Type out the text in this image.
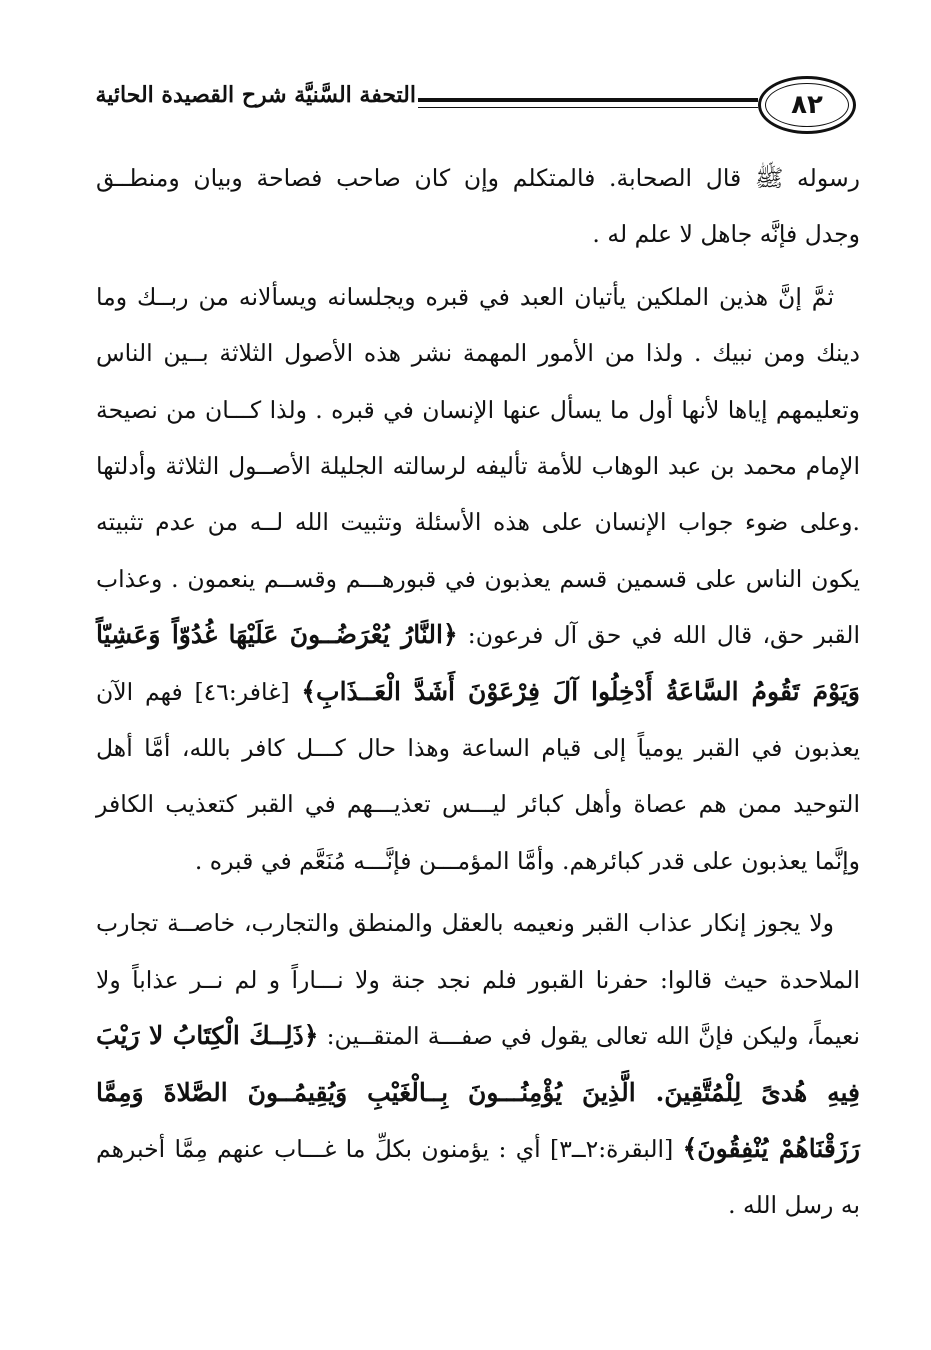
٨٢
التحفة السَّنيَّة شرح القصيدة الحائية

رسوله ﷺ قال الصحابة. فالمتكلم وإن كان صاحب فصاحة وبيان ومنطــق وجدل فإنَّه جاهل لا علم له .

ثمَّ إنَّ هذين الملكين يأتيان العبد في قبره ويجلسانه ويسألانه من ربــك وما دينك ومن نبيك . ولذا من الأمور المهمة نشر هذه الأصول الثلاثة بــين الناس وتعليمهم إياها لأنها أول ما يسأل عنها الإنسان في قبره . ولذا كـــان من نصيحة الإمام محمد بن عبد الوهاب للأمة تأليفه لرسالته الجليلة الأصــول الثلاثة وأدلتها .وعلى ضوء جواب الإنسان على هذه الأسئلة وتثبيت الله لــه من عدم تثبيته يكون الناس على قسمين قسم يعذبون في قبورهـــم وقســم ينعمون . وعذاب القبر حق، قال الله في حق آل فرعون: ﴿النَّارُ يُعْرَضُــونَ عَلَيْهَا غُدُوّاً وَعَشِيّاً وَيَوْمَ تَقُومُ السَّاعَةُ أَدْخِلُوا آلَ فِرْعَوْنَ أَشَدَّ الْعَــذَابِ﴾ [غافر:٤٦] فهم الآن يعذبون في القبر يومياً إلى قيام الساعة وهذا حال كـــل كافر بالله، أمَّا أهل التوحيد ممن هم عصاة وأهل كبائر ليـــس تعذيـــهم في القبر كتعذيب الكافر وإنَّما يعذبون على قدر كبائرهم. وأمَّا المؤمـــن فإنَّـــه مُنَعَّم في قبره .

ولا يجوز إنكار عذاب القبر ونعيمه بالعقل والمنطق والتجارب، خاصــة تجارب الملاحدة حيث قالوا: حفرنا القبور فلم نجد جنة ولا نـــاراً و لم نــر عذاباً ولا نعيماً، وليكن فإنَّ الله تعالى يقول في صفـــة المتقــين: ﴿ذَلِــكَ الْكِتَابُ لا رَيْبَ فِيهِ هُدىً لِلْمُتَّقِينَ. الَّذِينَ يُؤْمِنُـــونَ بِــالْغَيْبِ وَيُقِيمُــونَ الصَّلاةَ وَمِمَّا رَزَقْنَاهُمْ يُنْفِقُونَ﴾ [البقرة:٢ــ٣] أي : يؤمنون بكلِّ ما غـــاب عنهم مِمَّا أخبرهم به رسل الله .
